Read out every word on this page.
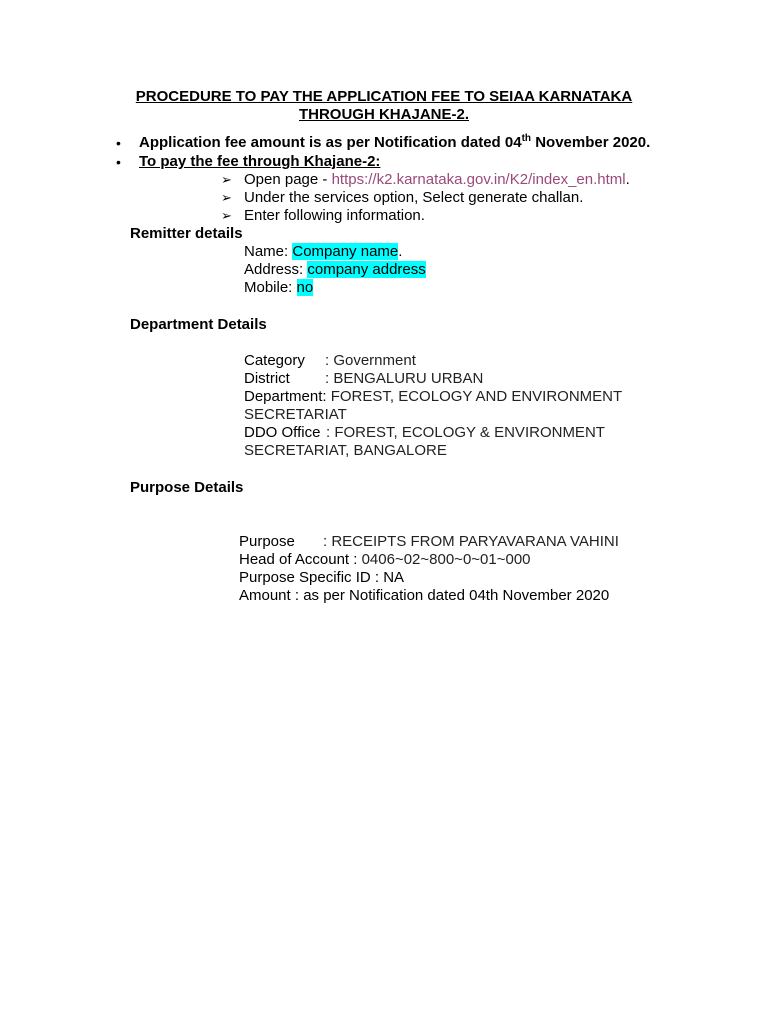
PROCEDURE TO PAY THE APPLICATION FEE TO SEIAA KARNATAKA
THROUGH KHAJANE-2.
• Application fee amount is as per Notification dated 04th November 2020.
• To pay the fee through Khajane-2:
➢ Open page - https://k2.karnataka.gov.in/K2/index_en.html.
➢ Under the services option, Select generate challan.
➢ Enter following information.
Remitter details
Name: Company name.
Address: company address
Mobile: no
Department Details
Category : Government
District : BENGALURU URBAN
Department: FOREST, ECOLOGY AND ENVIRONMENT
SECRETARIAT
DDO Office : FOREST, ECOLOGY & ENVIRONMENT
SECRETARIAT, BANGALORE
Purpose Details
Purpose : RECEIPTS FROM PARYAVARANA VAHINI
Head of Account : 0406~02~800~0~01~000
Purpose Specific ID : NA
Amount : as per Notification dated 04th November 2020
